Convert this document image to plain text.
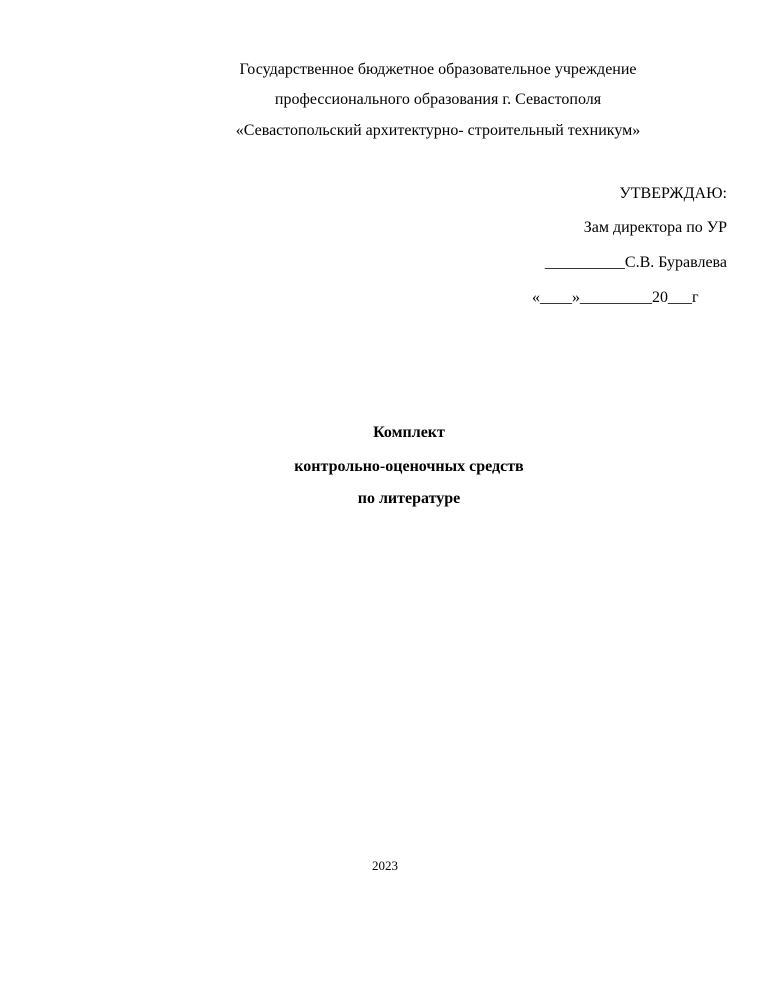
Государственное бюджетное образовательное учреждение
профессионального образования г. Севастополя
«Севастопольский архитектурно- строительный техникум»
УТВЕРЖДАЮ:
Зам директора по УР
__________С.В. Буравлева
«____»_________20___г
Комплект
контрольно-оценочных средств
по литературе
2023
